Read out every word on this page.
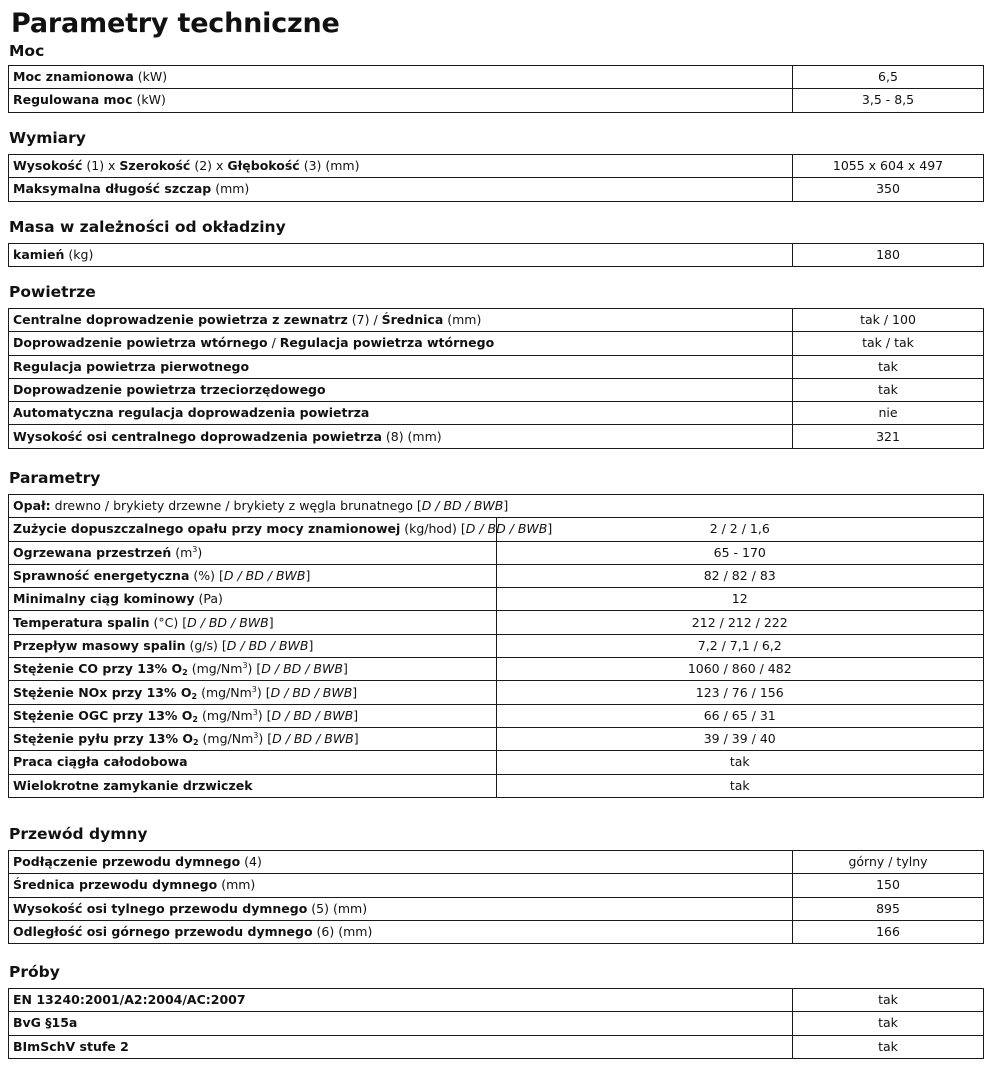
Parametry techniczne
Moc
Moc znamionowa (kW)	6,5
Regulowana moc (kW)	3,5 - 8,5
Wymiary
Wysokość (1) x Szerokość (2) x Głębokość (3) (mm)	1055 x 604 x 497
Maksymalna długość szczap (mm)	350
Masa w zależności od okładziny
kamień (kg)	180
Powietrze
Centralne doprowadzenie powietrza z zewnatrz (7) / Średnica (mm)	tak / 100
Doprowadzenie powietrza wtórnego / Regulacja powietrza wtórnego	tak / tak
Regulacja powietrza pierwotnego	tak
Doprowadzenie powietrza trzeciorzędowego	tak
Automatyczna regulacja doprowadzenia powietrza	nie
Wysokość osi centralnego doprowadzenia powietrza (8) (mm)	321
Parametry
Opał: drewno / brykiety drzewne / brykiety z węgla brunatnego [D / BD / BWB]	
Zużycie dopuszczalnego opału przy mocy znamionowej (kg/hod) [D / BD / BWB]	2 / 2 / 1,6
Ogrzewana przestrzeń $(m^3)$	65 - 170
Sprawność energetyczna (%) [D / BD / BWB]	82 / 82 / 83
Minimalny ciąg kominowy (Pa)	12
Temperatura spalin (°C) [D / BD / BWB]	212 / 212 / 222
Przepływ masowy spalin (g/s) [D / BD / BWB]	7,2 / 7,1 / 6,2
Stężenie CO przy 13% $O_2$ (mg/Nm$^3$) [D / BD / BWB]	1060 / 860 / 482
Stężenie NOx przy 13% $O_2$ (mg/Nm$^3$) [D / BD / BWB]	123 / 76 / 156
Stężenie OGC przy 13% $O_2$ (mg/Nm$^3$) [D / BD / BWB]	66 / 65 / 31
Stężenie pyłu przy 13% $O_2$ (mg/Nm$^3$) [D / BD / BWB]	39 / 39 / 40
Praca ciągła całodobowa	tak
Wielokrotne zamykanie drzwiczek	tak
Przewód dymny
Podłączenie przewodu dymnego (4)	górny / tylny
Średnica przewodu dymnego (mm)	150
Wysokość osi tylnego przewodu dymnego (5) (mm)	895
Odległość osi górnego przewodu dymnego (6) (mm)	166
Próby
EN 13240:2001/A2:2004/AC:2007	tak
BvG §15a	tak
BImSchV stufe 2	tak
